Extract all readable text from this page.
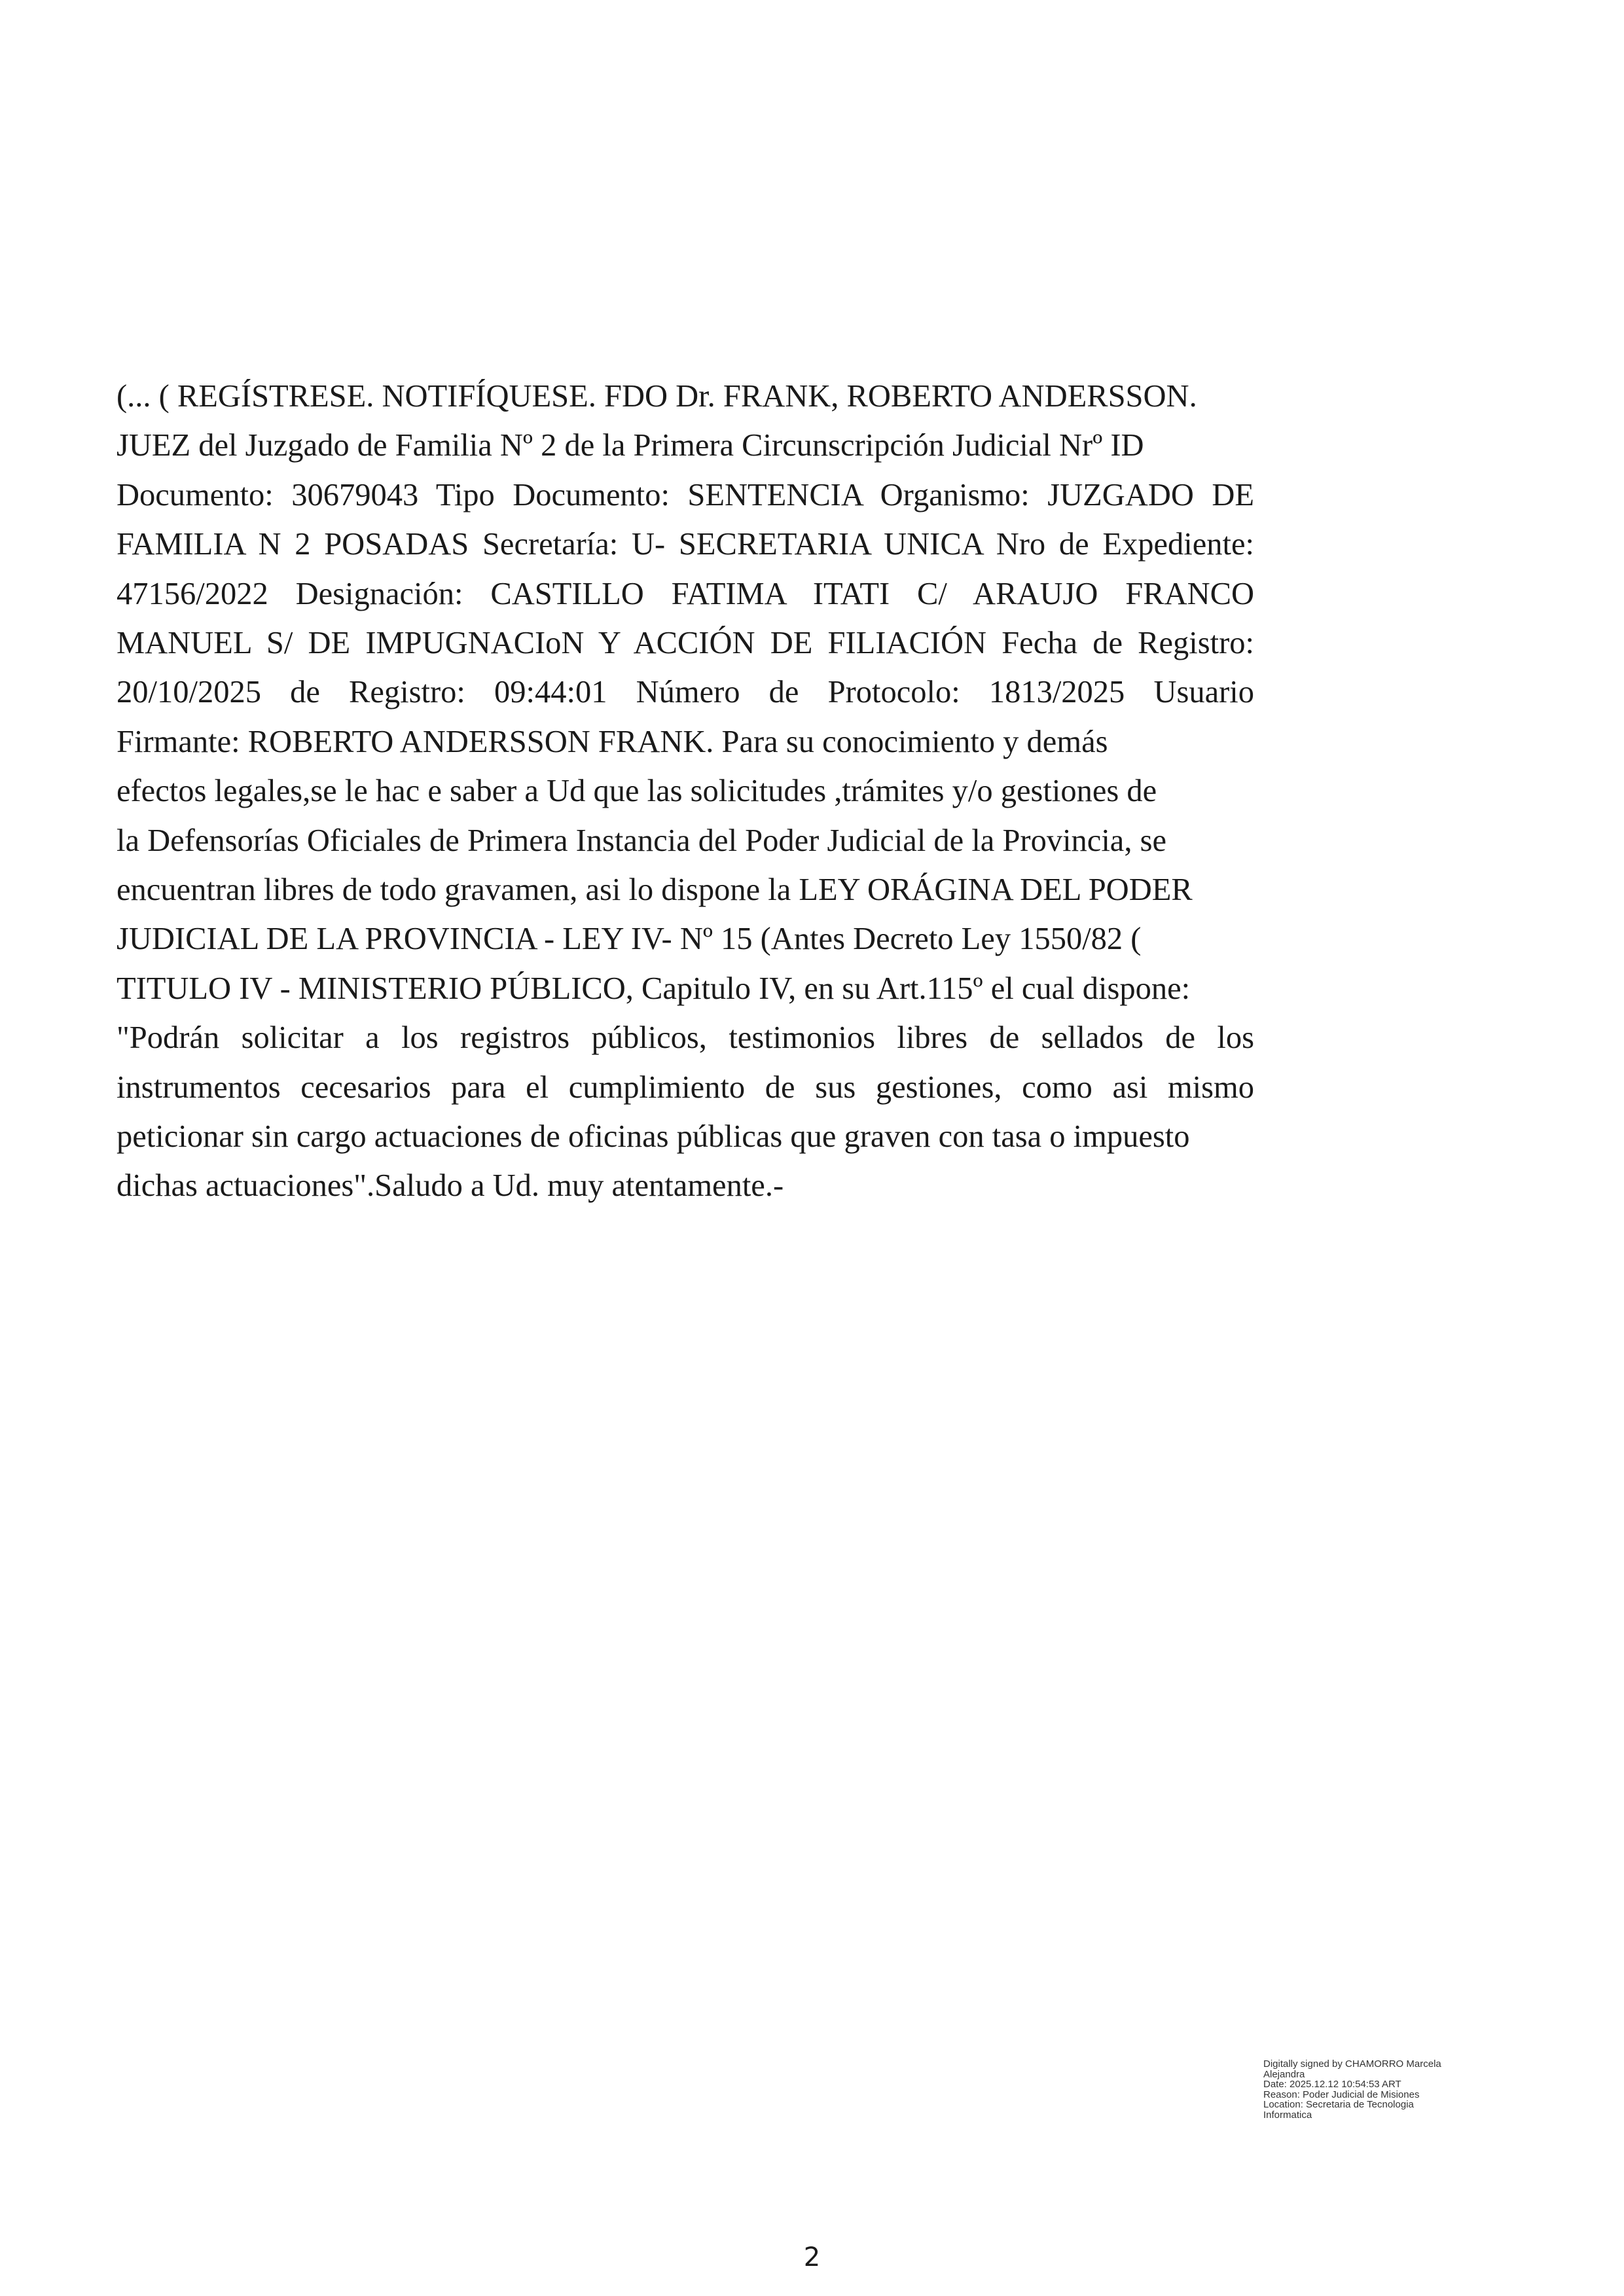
(... ( REGÍSTRESE. NOTIFÍQUESE. FDO Dr. FRANK, ROBERTO ANDERSSON.
JUEZ del Juzgado de Familia Nº 2 de la Primera Circunscripción Judicial Nrº ID
Documento: 30679043 Tipo Documento: SENTENCIA Organismo: JUZGADO DE
FAMILIA N 2 POSADAS Secretaría: U- SECRETARIA UNICA Nro de Expediente:
47156/2022 Designación: CASTILLO FATIMA ITATI C/ ARAUJO FRANCO
MANUEL S/ DE IMPUGNACIoN Y ACCIÓN DE FILIACIÓN Fecha de Registro:
20/10/2025 de Registro: 09:44:01 Número de Protocolo: 1813/2025 Usuario
Firmante: ROBERTO ANDERSSON FRANK. Para su conocimiento y demás
efectos legales,se le hac e saber a Ud que las solicitudes ,trámites y/o gestiones de
la Defensorías Oficiales de Primera Instancia del Poder Judicial de la Provincia, se
encuentran libres de todo gravamen, asi lo dispone la LEY ORÁGINA DEL PODER
JUDICIAL DE LA PROVINCIA - LEY IV- Nº 15 (Antes Decreto Ley 1550/82 (
TITULO IV - MINISTERIO PÚBLICO, Capitulo IV, en su Art.115º el cual dispone:
"Podrán solicitar a los registros públicos, testimonios libres de sellados de los
instrumentos cecesarios para el cumplimiento de sus gestiones, como asi mismo
peticionar sin cargo actuaciones de oficinas públicas que graven con tasa o impuesto
dichas actuaciones".Saludo a Ud. muy atentamente.-
Digitally signed by CHAMORRO Marcela
Alejandra
Date: 2025.12.12 10:54:53 ART
Reason: Poder Judicial de Misiones
Location: Secretaria de Tecnologia
Informatica
2
